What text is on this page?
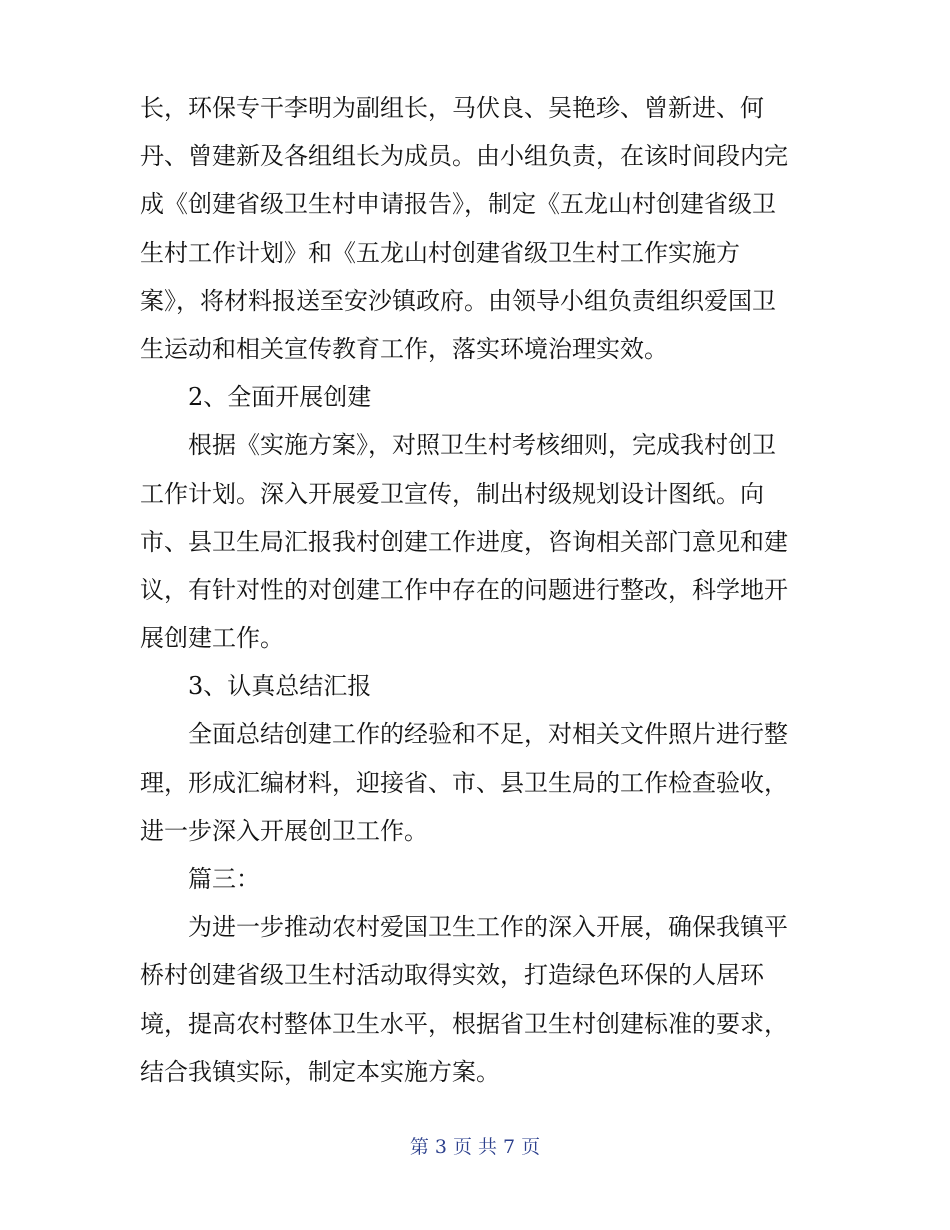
长，环保专干李明为副组长，马伏良、吴艳珍、曾新进、何
丹、曾建新及各组组长为成员。由小组负责，在该时间段内完
成《创建省级卫生村申请报告》，制定《五龙山村创建省级卫
生村工作计划》和《五龙山村创建省级卫生村工作实施方
案》，将材料报送至安沙镇政府。由领导小组负责组织爱国卫
生运动和相关宣传教育工作，落实环境治理实效。
　　2、全面开展创建
　　根据《实施方案》，对照卫生村考核细则，完成我村创卫
工作计划。深入开展爱卫宣传，制出村级规划设计图纸。向
市、县卫生局汇报我村创建工作进度，咨询相关部门意见和建
议，有针对性的对创建工作中存在的问题进行整改，科学地开
展创建工作。
　　3、认真总结汇报
　　全面总结创建工作的经验和不足，对相关文件照片进行整
理，形成汇编材料，迎接省、市、县卫生局的工作检查验收，
进一步深入开展创卫工作。
　　篇三：
　　为进一步推动农村爱国卫生工作的深入开展，确保我镇平
桥村创建省级卫生村活动取得实效，打造绿色环保的人居环
境，提高农村整体卫生水平，根据省卫生村创建标准的要求，
结合我镇实际，制定本实施方案。
第 3 页 共 7 页
